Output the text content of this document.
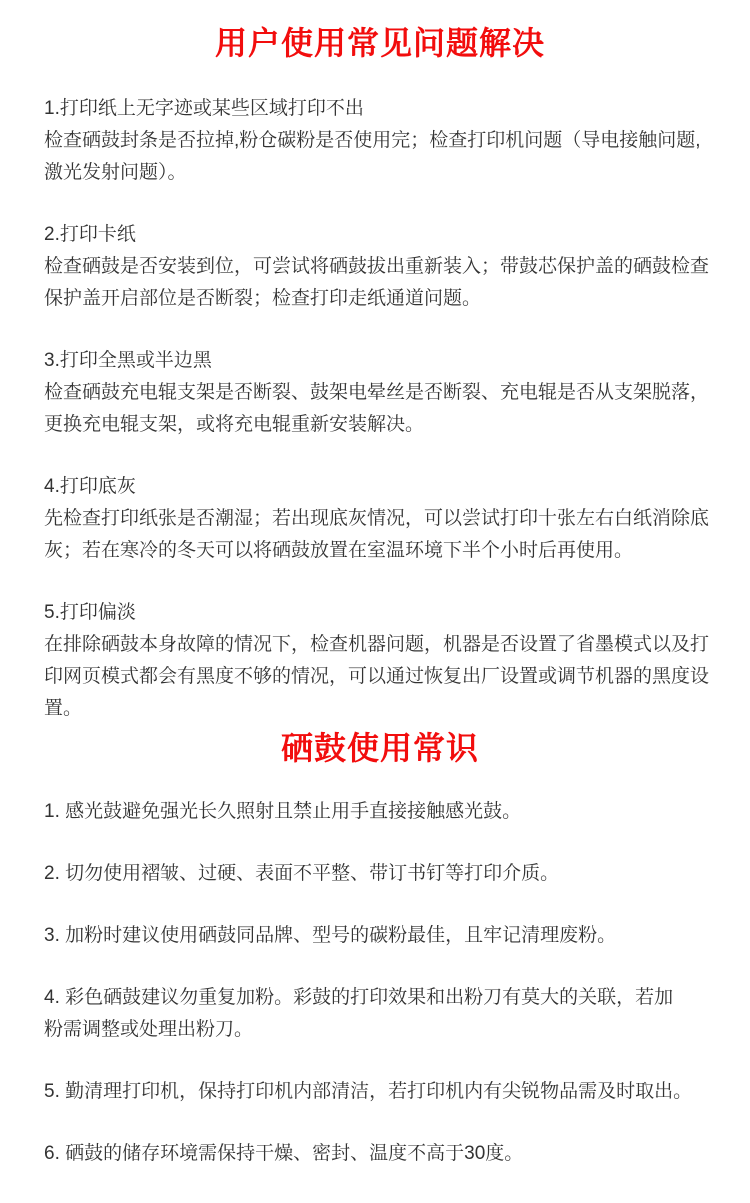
用户使用常见问题解决

1.打印纸上无字迹或某些区域打印不出
检查硒鼓封条是否拉掉,粉仓碳粉是否使用完；检查打印机问题（导电接触问题,
激光发射问题）。

2.打印卡纸
检查硒鼓是否安装到位，可尝试将硒鼓拔出重新装入；带鼓芯保护盖的硒鼓检查
保护盖开启部位是否断裂；检查打印走纸通道问题。

3.打印全黑或半边黑
检查硒鼓充电辊支架是否断裂、鼓架电晕丝是否断裂、充电辊是否从支架脱落，
更换充电辊支架，或将充电辊重新安装解决。

4.打印底灰
先检查打印纸张是否潮湿；若出现底灰情况，可以尝试打印十张左右白纸消除底
灰；若在寒冷的冬天可以将硒鼓放置在室温环境下半个小时后再使用。

5.打印偏淡
在排除硒鼓本身故障的情况下，检查机器问题，机器是否设置了省墨模式以及打
印网页模式都会有黑度不够的情况，可以通过恢复出厂设置或调节机器的黑度设
置。

硒鼓使用常识

1. 感光鼓避免强光长久照射且禁止用手直接接触感光鼓。

2. 切勿使用褶皱、过硬、表面不平整、带订书钉等打印介质。

3. 加粉时建议使用硒鼓同品牌、型号的碳粉最佳，且牢记清理废粉。

4. 彩色硒鼓建议勿重复加粉。彩鼓的打印效果和出粉刀有莫大的关联，若加
粉需调整或处理出粉刀。

5. 勤清理打印机，保持打印机内部清洁，若打印机内有尖锐物品需及时取出。

6. 硒鼓的储存环境需保持干燥、密封、温度不高于30度。
